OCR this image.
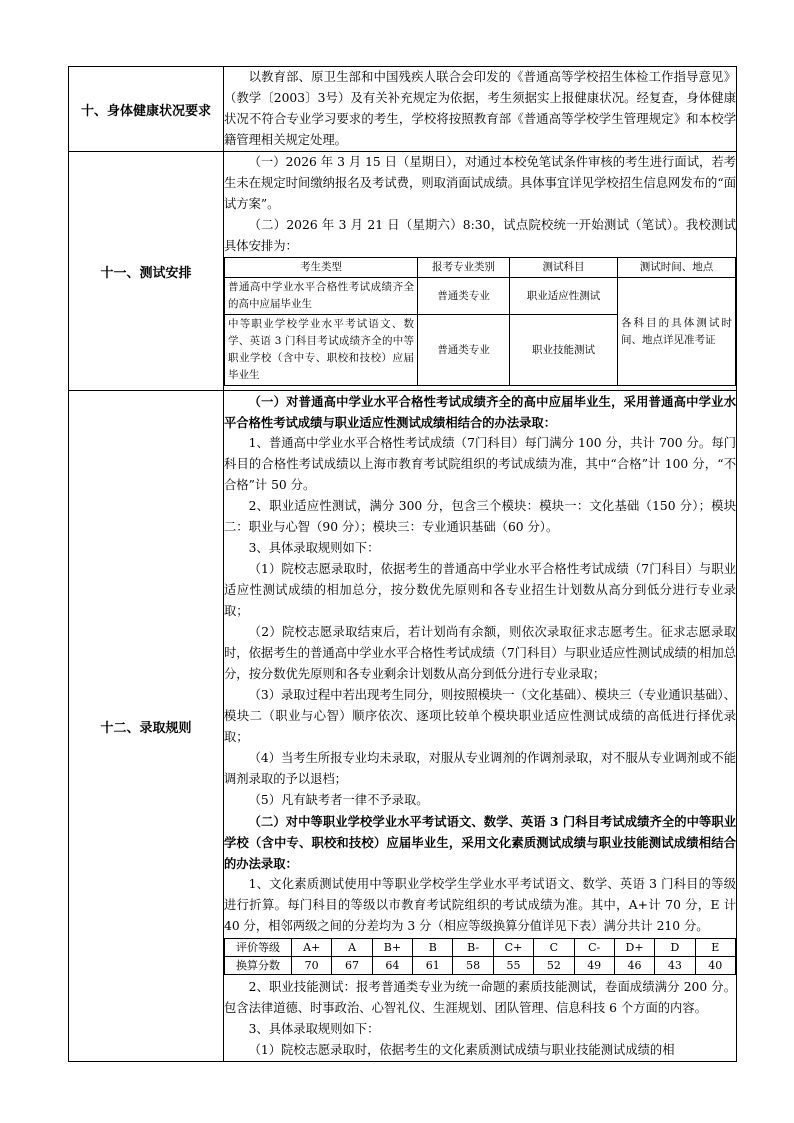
十、身体健康状况要求	

以教育部、原卫生部和中国残疾人联合会印发的《普通高等学校招生体检工作指导意见》（教学〔2003〕3号）及有关补充规定为依据，考生须据实上报健康状况。经复查，身体健康状况不符合专业学习要求的考生，学校将按照教育部《普通高等学校学生管理规定》和本校学籍管理相关规定处理。

十一、测试安排	

（一）2026 年 3 月 15 日（星期日），对通过本校免笔试条件审核的考生进行面试，若考生未在规定时间缴纳报名及考试费，则取消面试成绩。具体事宜详见学校招生信息网发布的“面试方案”。

（二）2026 年 3 月 21 日（星期六）8:30，试点院校统一开始测试（笔试）。我校测试具体安排为：

考生类型	报考专业类别	测试科目	测试时间、地点
普通高中学业水平合格性考试成绩齐全的高中应届毕业生	普通类专业	职业适应性测试	各科目的具体测试时间、地点详见准考证
中等职业学校学业水平考试语文、数学、英语 3 门科目考试成绩齐全的中等职业学校（含中专、职校和技校）应届毕业生	普通类专业	职业技能测试

十二、录取规则	

（一）对普通高中学业水平合格性考试成绩齐全的高中应届毕业生，采用普通高中学业水平合格性考试成绩与职业适应性测试成绩相结合的办法录取：

1、普通高中学业水平合格性考试成绩（7门科目）每门满分 100 分，共计 700 分。每门科目的合格性考试成绩以上海市教育考试院组织的考试成绩为准，其中“合格”计 100 分，“不合格”计 50 分。

2、职业适应性测试，满分 300 分，包含三个模块：模块一：文化基础（150 分）；模块二：职业与心智（90 分）；模块三：专业通识基础（60 分）。

3、具体录取规则如下：

（1）院校志愿录取时，依据考生的普通高中学业水平合格性考试成绩（7门科目）与职业适应性测试成绩的相加总分，按分数优先原则和各专业招生计划数从高分到低分进行专业录取；

（2）院校志愿录取结束后，若计划尚有余额，则依次录取征求志愿考生。征求志愿录取时，依据考生的普通高中学业水平合格性考试成绩（7门科目）与职业适应性测试成绩的相加总分，按分数优先原则和各专业剩余计划数从高分到低分进行专业录取；

（3）录取过程中若出现考生同分，则按照模块一（文化基础）、模块三（专业通识基础）、模块二（职业与心智）顺序依次、逐项比较单个模块职业适应性测试成绩的高低进行择优录取；

（4）当考生所报专业均未录取，对服从专业调剂的作调剂录取，对不服从专业调剂或不能调剂录取的予以退档；

（5）凡有缺考者一律不予录取。

（二）对中等职业学校学业水平考试语文、数学、英语 3 门科目考试成绩齐全的中等职业学校（含中专、职校和技校）应届毕业生，采用文化素质测试成绩与职业技能测试成绩相结合的办法录取：

1、文化素质测试使用中等职业学校学生学业水平考试语文、数学、英语 3 门科目的等级进行折算。每门科目的等级以市教育考试院组织的考试成绩为准。其中，A+计 70 分，E 计 40 分，相邻两级之间的分差均为 3 分（相应等级换算分值详见下表）满分共计 210 分。

评价等级	A+	A	B+	B	B-	C+	C	C-	D+	D	E
换算分数	70	67	64	61	58	55	52	49	46	43	40

2、职业技能测试：报考普通类专业为统一命题的素质技能测试，卷面成绩满分 200 分。包含法律道德、时事政治、心智礼仪、生涯规划、团队管理、信息科技 6 个方面的内容。

3、具体录取规则如下：

（1）院校志愿录取时，依据考生的文化素质测试成绩与职业技能测试成绩的相
